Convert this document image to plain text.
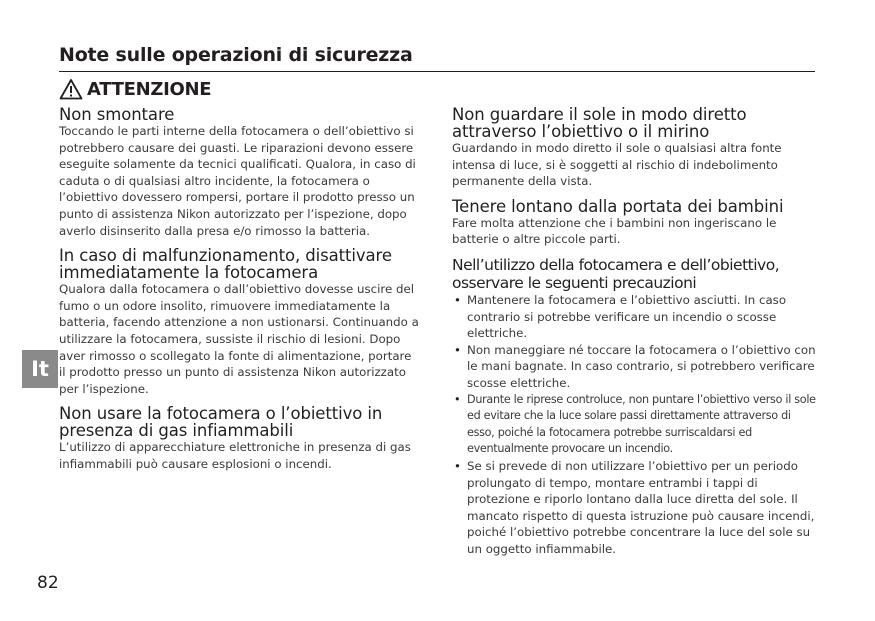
Note sulle operazioni di sicurezza
ATTENZIONE
Non smontare
Toccando le parti interne della fotocamera o dell’obiettivo si potrebbero causare dei guasti. Le riparazioni devono essere eseguite solamente da tecnici qualificati. Qualora, in caso di caduta o di qualsiasi altro incidente, la fotocamera o l’obiettivo dovessero rompersi, portare il prodotto presso un punto di assistenza Nikon autorizzato per l’ispezione, dopo averlo disinserito dalla presa e/o rimosso la batteria.
In caso di malfunzionamento, disattivare immediatamente la fotocamera
Qualora dalla fotocamera o dall’obiettivo dovesse uscire del fumo o un odore insolito, rimuovere immediatamente la batteria, facendo attenzione a non ustionarsi. Continuando a utilizzare la fotocamera, sussiste il rischio di lesioni. Dopo aver rimosso o scollegato la fonte di alimentazione, portare il prodotto presso un punto di assistenza Nikon autorizzato per l’ispezione.
Non usare la fotocamera o l’obiettivo in presenza di gas infiammabili
L’utilizzo di apparecchiature elettroniche in presenza di gas infiammabili può causare esplosioni o incendi.
Non guardare il sole in modo diretto attraverso l’obiettivo o il mirino
Guardando in modo diretto il sole o qualsiasi altra fonte intensa di luce, si è soggetti al rischio di indebolimento permanente della vista.
Tenere lontano dalla portata dei bambini
Fare molta attenzione che i bambini non ingeriscano le batterie o altre piccole parti.
Nell’utilizzo della fotocamera e dell’obiettivo, osservare le seguenti precauzioni
• Mantenere la fotocamera e l’obiettivo asciutti. In caso contrario si potrebbe verificare un incendio o scosse elettriche.
• Non maneggiare né toccare la fotocamera o l’obiettivo con le mani bagnate. In caso contrario, si potrebbero verificare scosse elettriche.
• Durante le riprese controluce, non puntare l’obiettivo verso il sole ed evitare che la luce solare passi direttamente attraverso di esso, poiché la fotocamera potrebbe surriscaldarsi ed eventualmente provocare un incendio.
• Se si prevede di non utilizzare l’obiettivo per un periodo prolungato di tempo, montare entrambi i tappi di protezione e riporlo lontano dalla luce diretta del sole. Il mancato rispetto di questa istruzione può causare incendi, poiché l’obiettivo potrebbe concentrare la luce del sole su un oggetto infiammabile.
It
82
